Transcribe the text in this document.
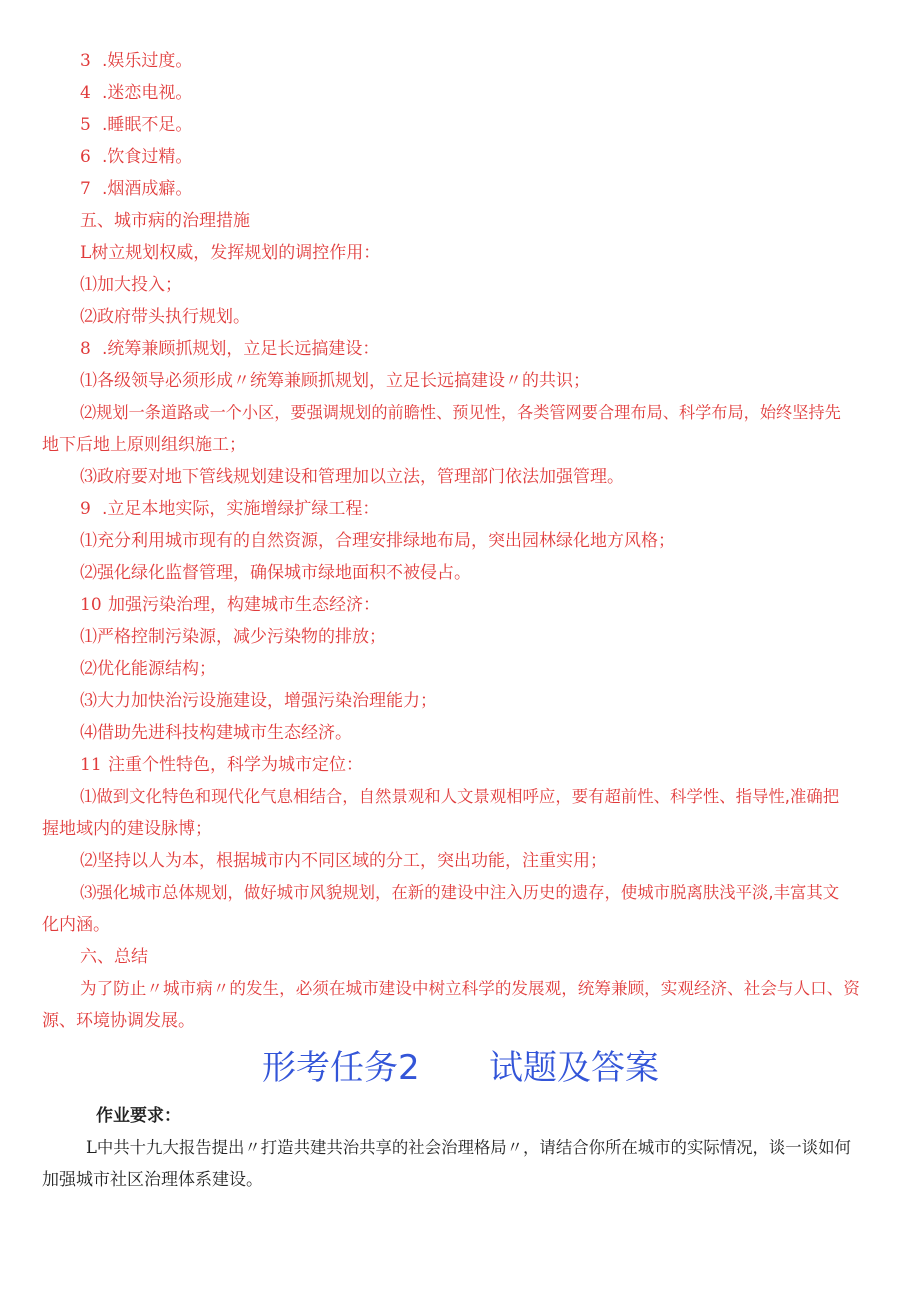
3 .娱乐过度。
4 .迷恋电视。
5 .睡眠不足。
6 .饮食过精。
7 .烟酒成癖。
五、城市病的治理措施
L树立规划权威，发挥规划的调控作用：
⑴加大投入；
⑵政府带头执行规划。
8 .统筹兼顾抓规划，立足长远搞建设：
⑴各级领导必须形成〃统筹兼顾抓规划，立足长远搞建设〃的共识；
⑵规划一条道路或一个小区，要强调规划的前瞻性、预见性，各类管网要合理布局、科学布局，始终坚持先
地下后地上原则组织施工；
⑶政府要对地下管线规划建设和管理加以立法，管理部门依法加强管理。
9 .立足本地实际，实施增绿扩绿工程：
⑴充分利用城市现有的自然资源，合理安排绿地布局，突出园林绿化地方风格；
⑵强化绿化监督管理，确保城市绿地面积不被侵占。
10 加强污染治理，构建城市生态经济：
⑴严格控制污染源，减少污染物的排放；
⑵优化能源结构；
⑶大力加快治污设施建设，增强污染治理能力；
⑷借助先进科技构建城市生态经济。
11 注重个性特色，科学为城市定位：
⑴做到文化特色和现代化气息相结合，自然景观和人文景观相呼应，要有超前性、科学性、指导性,准确把
握地域内的建设脉博；
⑵坚持以人为本，根据城市内不同区域的分工，突出功能，注重实用；
⑶强化城市总体规划，做好城市风貌规划，在新的建设中注入历史的遗存，使城市脱离肤浅平淡,丰富其文
化内涵。
六、总结
为了防止〃城市病〃的发生，必须在城市建设中树立科学的发展观，统筹兼顾，实观经济、社会与人口、资
源、环境协调发展。
形考任务2 试题及答案
作业要求：
L中共十九大报告提出〃打造共建共治共享的社会治理格局〃，请结合你所在城市的实际情况，谈一谈如何
加强城市社区治理体系建设。
